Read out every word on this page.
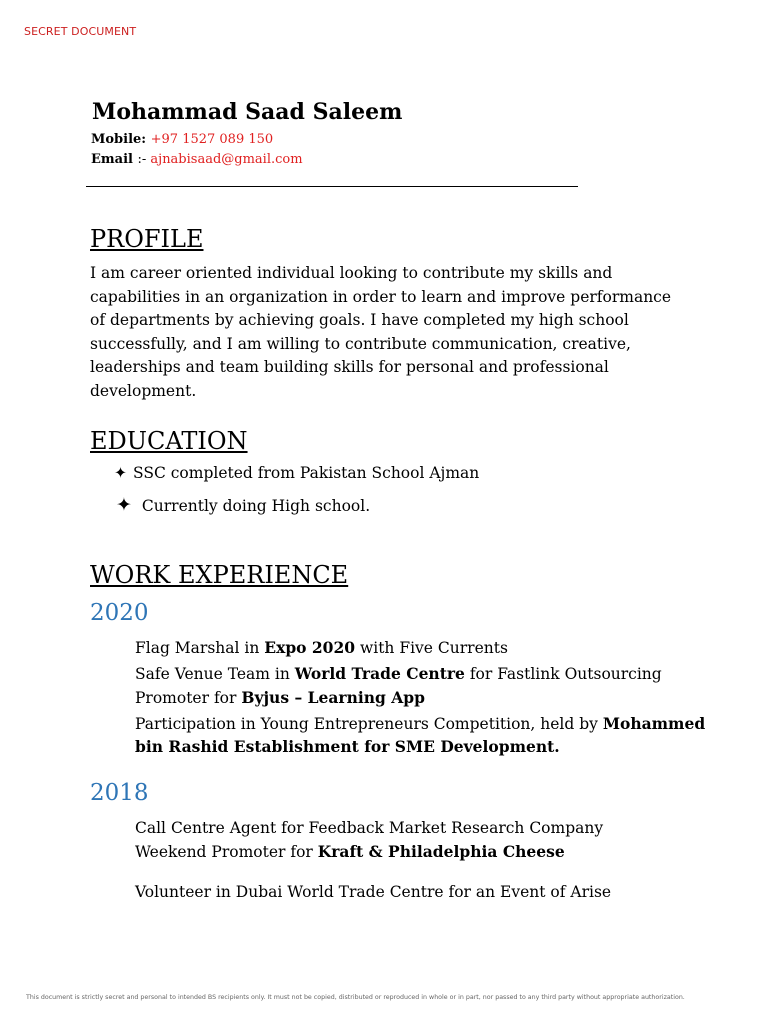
SECRET DOCUMENT
Mohammad Saad Saleem
Mobile: +97 1527 089 150
Email :- ajnabisaad@gmail.com
PROFILE

I am career oriented individual looking to contribute my skills and capabilities in an organization in order to learn and improve performance of departments by achieving goals. I have completed my high school successfully, and I am willing to contribute communication, creative, leaderships and team building skills for personal and professional development.

EDUCATION
✦ SSC completed from Pakistan School Ajman
✦ Currently doing High school.
WORK EXPERIENCE
2020
Flag Marshal in Expo 2020 with Five Currents
Safe Venue Team in World Trade Centre for Fastlink Outsourcing
Promoter for Byjus – Learning App
Participation in Young Entrepreneurs Competition, held by Mohammed
bin Rashid Establishment for SME Development.
2018
Call Centre Agent for Feedback Market Research Company
Weekend Promoter for Kraft & Philadelphia Cheese
Volunteer in Dubai World Trade Centre for an Event of Arise
This document is strictly secret and personal to intended BS recipients only. It must not be copied, distributed or reproduced in whole or in part, nor passed to any third party without appropriate authorization.
